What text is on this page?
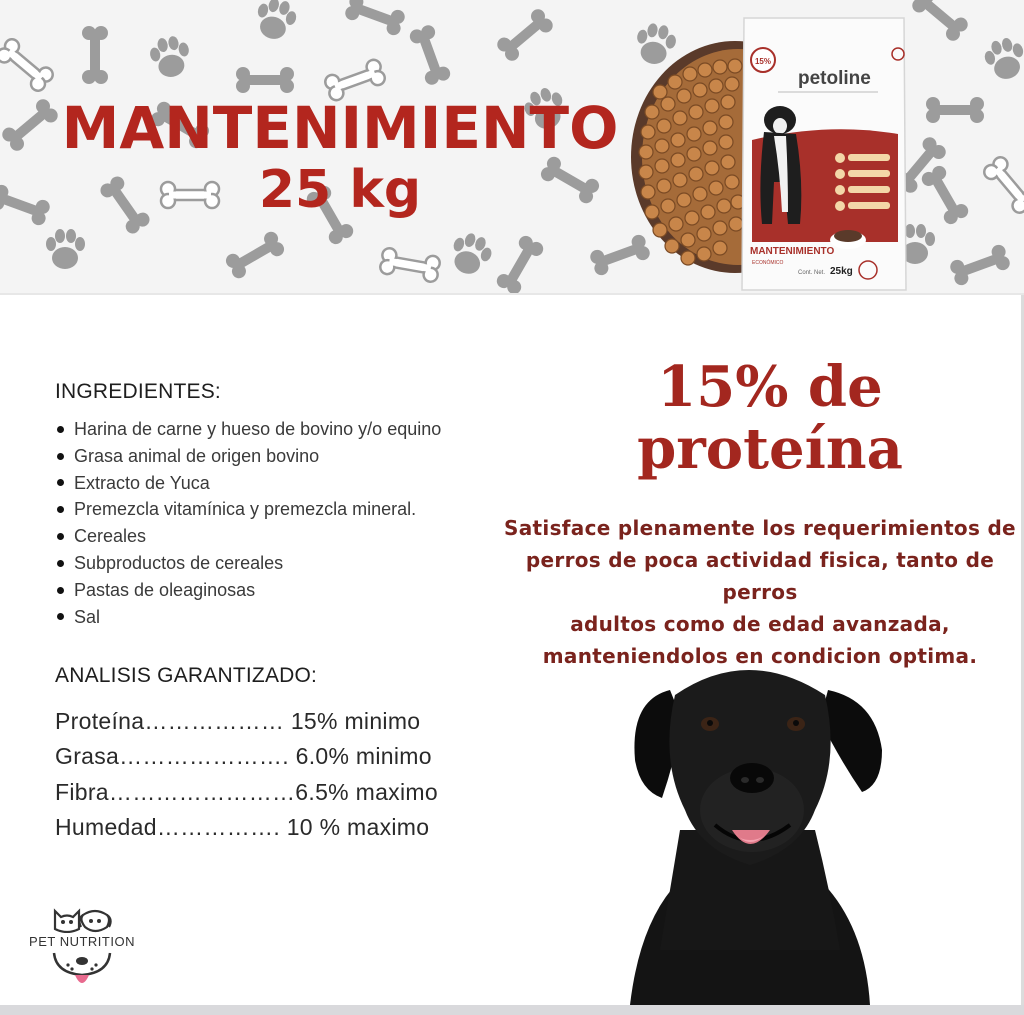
MANTENIMIENTO
25 kg
15%
petoline
MANTENIMIENTO
ECONÓMICO
Cont. Net. 25kg
INGREDIENTES:
Harina de carne y hueso de bovino y/o equino
Grasa animal de origen bovino
Extracto de Yuca
Premezcla vitamínica y premezcla mineral.
Cereales
Subproductos de cereales
Pastas de oleaginosas
Sal
ANALISIS GARANTIZADO:
Proteína……………… 15% minimo
Grasa…………………. 6.0% minimo
Fibra……………………6.5% maximo
Humedad……………. 10 % maximo
15% de
proteína
Satisface plenamente los requerimientos de
perros de poca actividad fisica, tanto de perros
adultos como de edad avanzada,
manteniendolos en condicion optima.
PET NUTRITION
